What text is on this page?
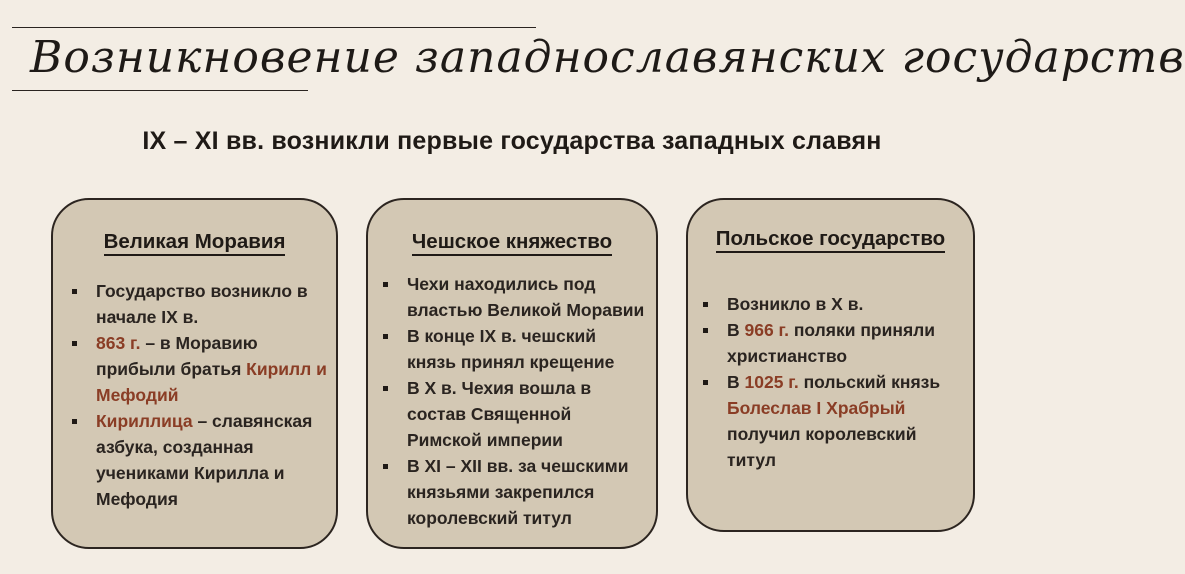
Возникновение западнославянских государств
IX – XI вв. возникли первые государства западных славян
Великая Моравия
Государство возникло в начале IX в.
863 г. – в Моравию прибыли братья Кирилл и Мефодий
Кириллица – славянская азбука, созданная учениками Кирилла и Мефодия
Чешское княжество
Чехи находились под властью Великой Моравии
В конце IX в. чешский князь принял крещение
В X в. Чехия вошла в состав Священной Римской империи
В XI – XII вв. за чешскими князьями закрепился королевский титул
Польское государство
Возникло в X в.
В 966 г. поляки приняли христианство
В 1025 г. польский князь Болеслав I Храбрый получил королевский титул
